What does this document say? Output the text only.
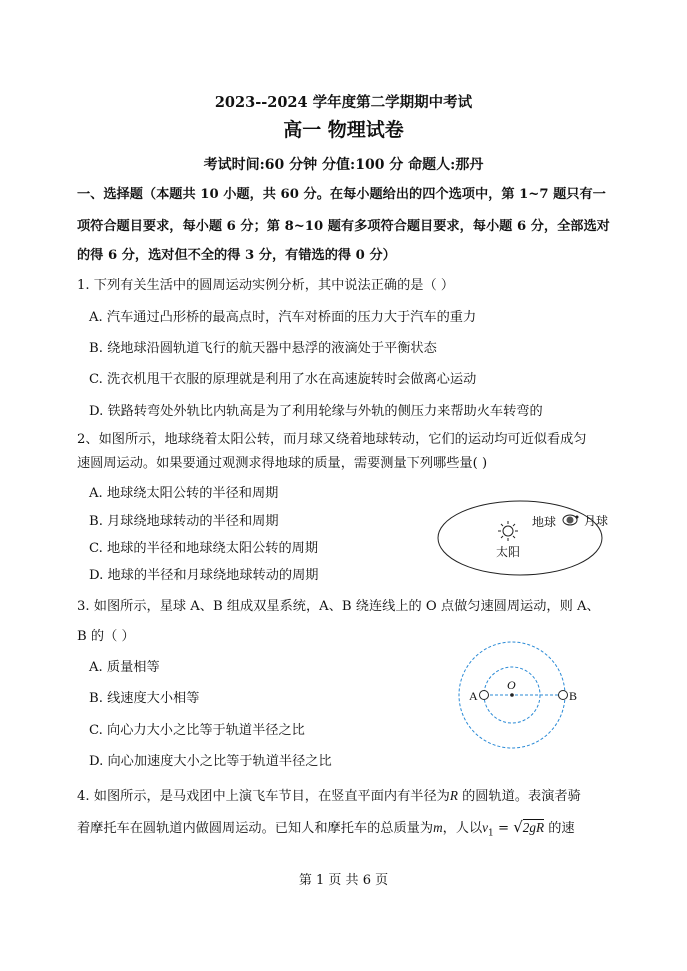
2023--2024 学年度第二学期期中考试
高一 物理试卷
考试时间:60 分钟 分值:100 分 命题人:那丹
一、选择题（本题共 10 小题，共 60 分。在每小题给出的四个选项中，第 1~7 题只有一
项符合题目要求，每小题 6 分；第 8~10 题有多项符合题目要求，每小题 6 分，全部选对
的得 6 分，选对但不全的得 3 分，有错选的得 0 分）
1. 下列有关生活中的圆周运动实例分析，其中说法正确的是（ ）
A. 汽车通过凸形桥的最高点时，汽车对桥面的压力大于汽车的重力
B. 绕地球沿圆轨道飞行的航天器中悬浮的液滴处于平衡状态
C. 洗衣机甩干衣服的原理就是利用了水在高速旋转时会做离心运动
D. 铁路转弯处外轨比内轨高是为了利用轮缘与外轨的侧压力来帮助火车转弯的
2、如图所示，地球绕着太阳公转，而月球又绕着地球转动，它们的运动均可近似看成匀
速圆周运动。如果要通过观测求得地球的质量，需要测量下列哪些量( )
A. 地球绕太阳公转的半径和周期
B. 月球绕地球转动的半径和周期
C. 地球的半径和地球绕太阳公转的周期
D. 地球的半径和月球绕地球转动的周期
太阳
地球 月球
3. 如图所示，星球 A、B 组成双星系统，A、B 绕连线上的 O 点做匀速圆周运动，则 A、
B 的（ ）
A. 质量相等
B. 线速度大小相等
C. 向心力大小之比等于轨道半径之比
D. 向心加速度大小之比等于轨道半径之比
A
O
B
4. 如图所示，是马戏团中上演飞车节目，在竖直平面内有半径为R 的圆轨道。表演者骑
着摩托车在圆轨道内做圆周运动。已知人和摩托车的总质量为m，人以$v_1 = √2gR$ 的速
第 1 页 共 6 页
